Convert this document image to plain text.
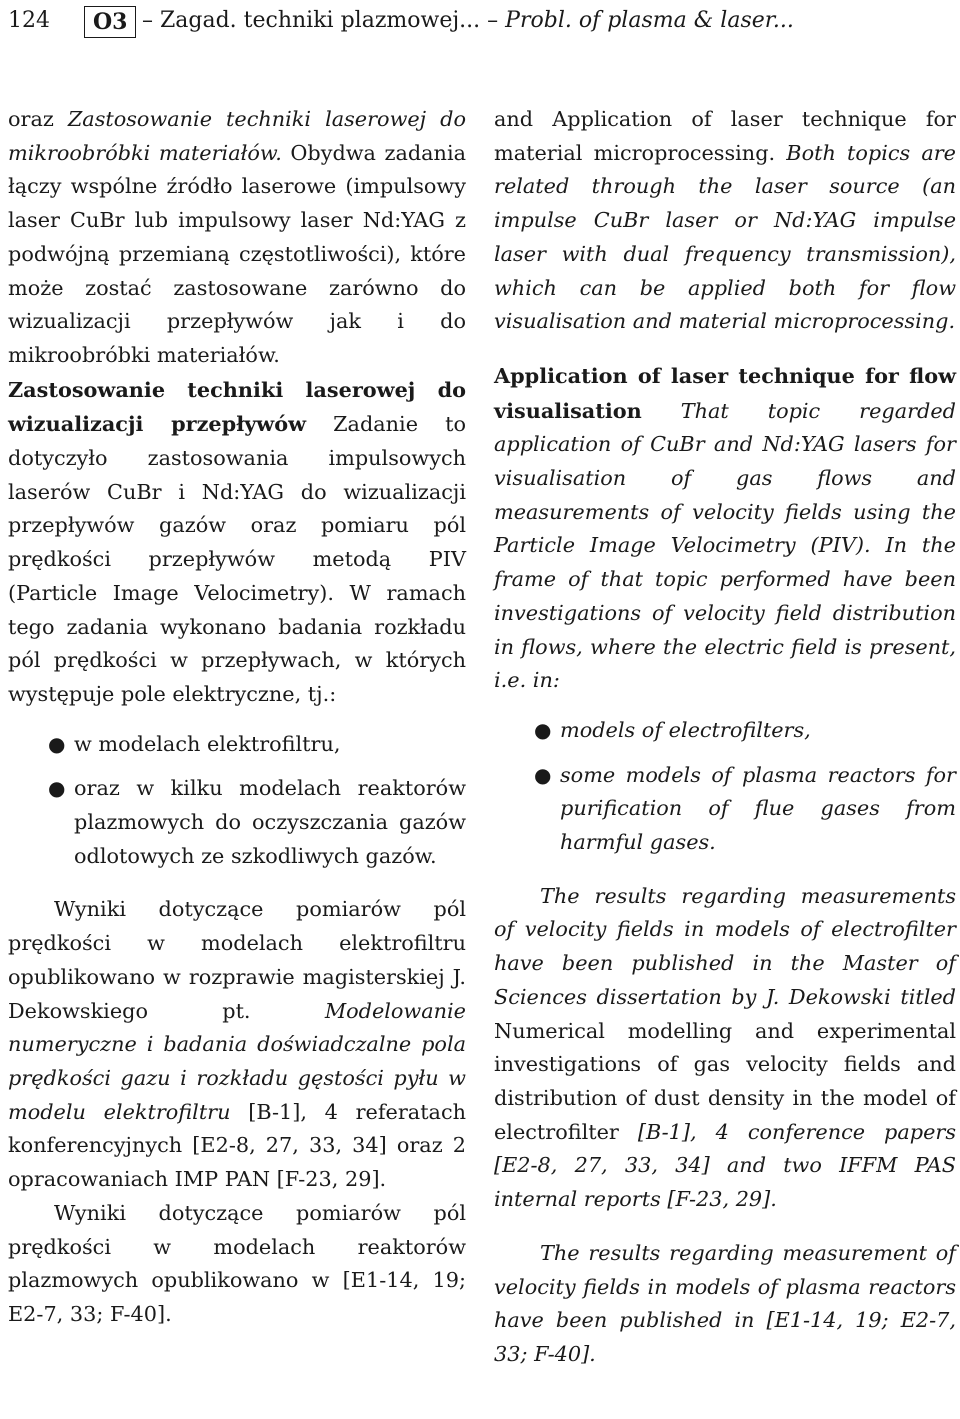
124	O3 – Zagad. techniki plazmowej... – Probl. of plasma & laser...

oraz Zastosowanie techniki laserowej do mikroobróbki materiałów. Obydwa zadania łączy wspólne źródło laserowe (impulsowy laser CuBr lub impulsowy laser Nd:YAG z podwójną przemianą częstotliwości), które może zostać zastosowane zarówno do wizualizacji przepływów jak i do mikroobróbki materiałów.

Zastosowanie techniki laserowej do wizualizacji przepływów Zadanie to dotyczyło zastosowania impulsowych laserów CuBr i Nd:YAG do wizualizacji przepływów gazów oraz pomiaru pól prędkości przepływów metodą PIV (Particle Image Velocimetry). W ramach tego zadania wykonano badania rozkładu pól prędkości w przepływach, w których występuje pole elektryczne, tj.:

● w modelach elektrofiltru,
● oraz w kilku modelach reaktorów plazmowych do oczyszczania gazów odlotowych ze szkodliwych gazów.

Wyniki dotyczące pomiarów pól prędkości w modelach elektrofiltru opublikowano w rozprawie magisterskiej J. Dekowskiego pt. Modelowanie numeryczne i badania doświadczalne pola prędkości gazu i rozkładu gęstości pyłu w modelu elektrofiltru [B-1], 4 referatach konferencyjnych [E2-8, 27, 33, 34] oraz 2 opracowaniach IMP PAN [F-23, 29].

Wyniki dotyczące pomiarów pól prędkości w modelach reaktorów plazmowych opublikowano w [E1-14, 19; E2-7, 33; F-40].

and Application of laser technique for material microprocessing. Both topics are related through the laser source (an impulse CuBr laser or Nd:YAG impulse laser with dual frequency transmission), which can be applied both for flow visualisation and material microprocessing.

Application of laser technique for flow visualisation That topic regarded application of CuBr and Nd:YAG lasers for visualisation of gas flows and measurements of velocity fields using the Particle Image Velocimetry (PIV). In the frame of that topic performed have been investigations of velocity field distribution in flows, where the electric field is present, i.e. in:

● models of electrofilters,
● some models of plasma reactors for purification of flue gases from harmful gases.

The results regarding measurements of velocity fields in models of electrofilter have been published in the Master of Sciences dissertation by J. Dekowski titled Numerical modelling and experimental investigations of gas velocity fields and distribution of dust density in the model of electrofilter [B-1], 4 conference papers [E2-8, 27, 33, 34] and two IFFM PAS internal reports [F-23, 29].

The results regarding measurement of velocity fields in models of plasma reactors have been published in [E1-14, 19; E2-7, 33; F-40].
